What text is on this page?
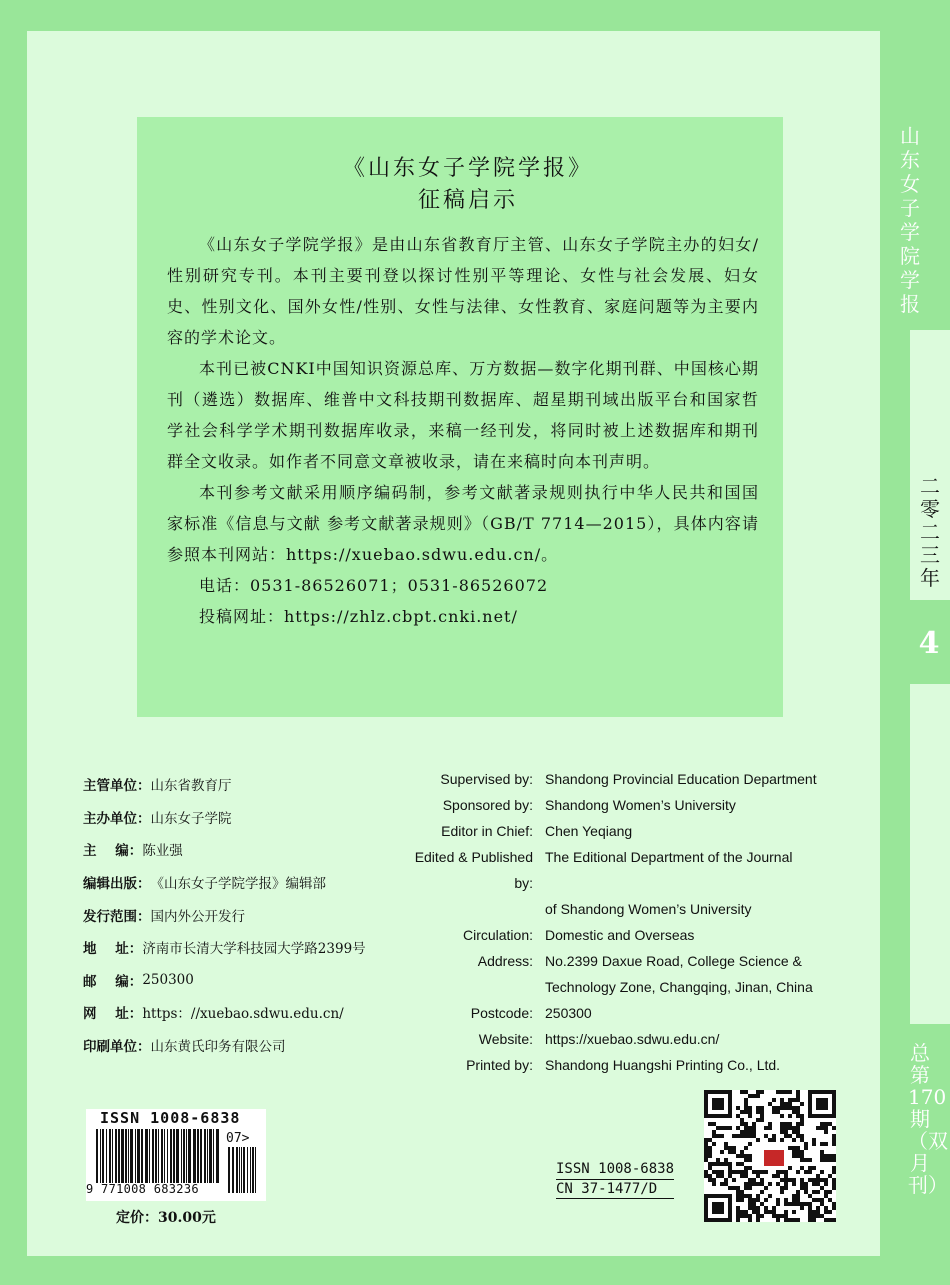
《山东女子学院学报》
征稿启示

《山东女子学院学报》是由山东省教育厅主管、山东女子学院主办的妇女/性别研究专刊。本刊主要刊登以探讨性别平等理论、女性与社会发展、妇女史、性别文化、国外女性/性别、女性与法律、女性教育、家庭问题等为主要内容的学术论文。

本刊已被CNKI中国知识资源总库、万方数据—数字化期刊群、中国核心期刊（遴选）数据库、维普中文科技期刊数据库、超星期刊域出版平台和国家哲学社会科学学术期刊数据库收录，来稿一经刊发，将同时被上述数据库和期刊群全文收录。如作者不同意文章被收录，请在来稿时向本刊声明。

本刊参考文献采用顺序编码制，参考文献著录规则执行中华人民共和国国家标准《信息与文献 参考文献著录规则》（GB/T 7714—2015），具体内容请参照本刊网站：https://xuebao.sdwu.edu.cn/。

电话：0531-86526071；0531-86526072

投稿网址：https://zhlz.cbpt.cnki.net/

主管单位： 山东省教育厅
主办单位： 山东女子学院
主    编： 陈业强
编辑出版： 《山东女子学院学报》编辑部
发行范围： 国内外公开发行
地    址： 济南市长清大学科技园大学路2399号
邮    编： 250300
网    址： https：//xuebao.sdwu.edu.cn/
印刷单位： 山东黄氏印务有限公司
Supervised by: Shandong Provincial Education Department
Sponsored by: Shandong Women’s University
Editor in Chief: Chen Yeqiang
Edited & Published by:
The Editional Department of the Journal
of Shandong Women’s University
Circulation: Domestic and Overseas
Address: No.2399 Daxue Road, College Science &
Technology Zone, Changqing, Jinan, China
Postcode: 250300
Website: https://xuebao.sdwu.edu.cn/
Printed by: Shandong Huangshi Printing Co., Ltd.
ISSN 1008-6838
07>
9 771008 683236
定价：30.00元
ISSN 1008-6838
CN 37-1477/D
山东女子学院学报
二零二三年
4
总第170期（双月刊）
